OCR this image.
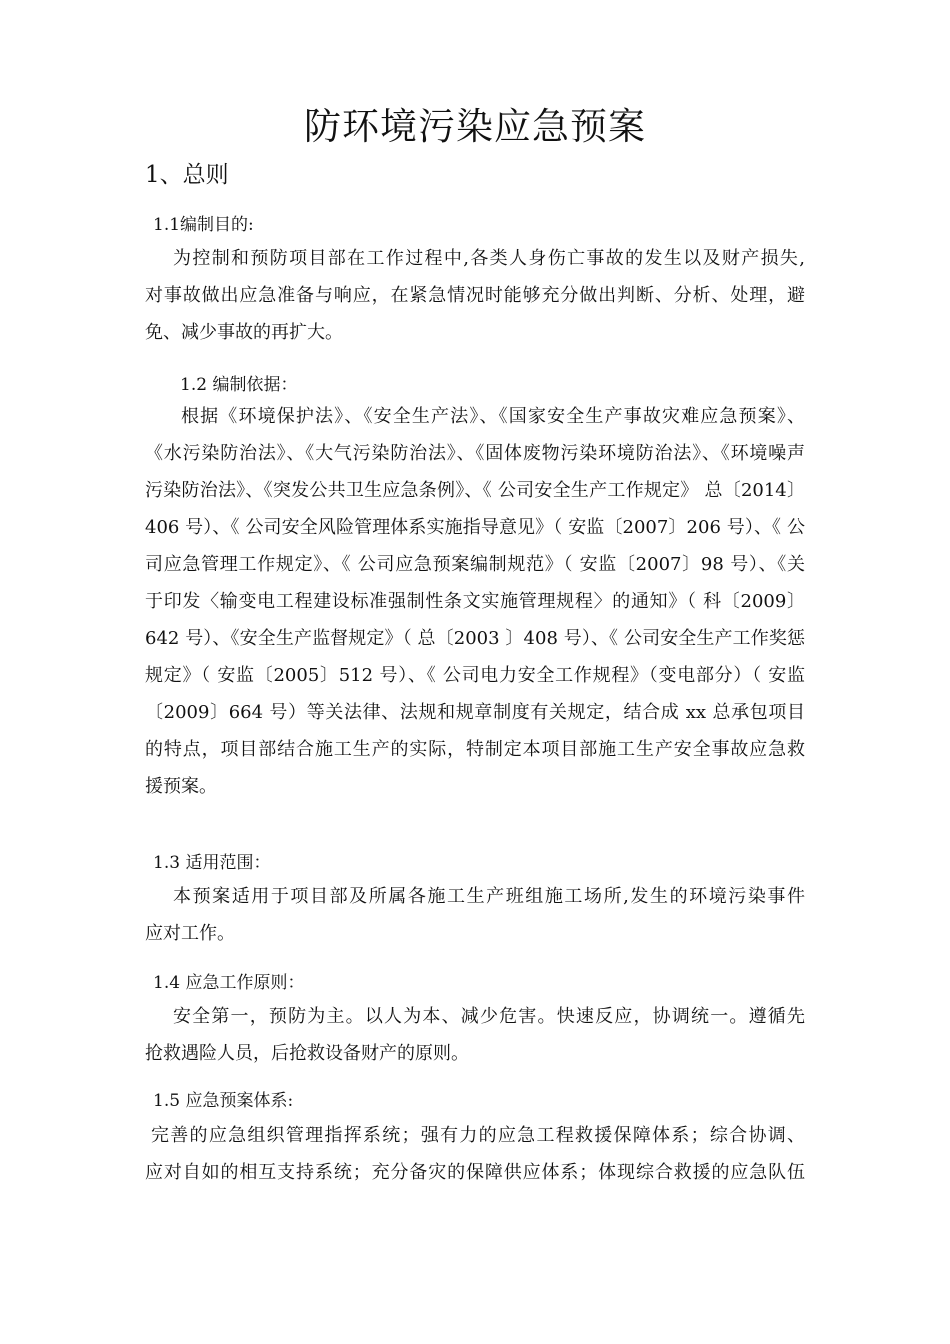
防环境污染应急预案
1、总则
1.1编制目的:
为控制和预防项目部在工作过程中,各类人身伤亡事故的发生以及财产损失,
对事故做出应急准备与响应，在紧急情况时能够充分做出判断、分析、处理，避
免、减少事故的再扩大。
1.2 编制依据：
根据《环境保护法》、《安全生产法》、《国家安全生产事故灾难应急预案》、
《水污染防治法》、《大气污染防治法》、《固体废物污染环境防治法》、《环境噪声
污染防治法》、《突发公共卫生应急条例》、《 公司安全生产工作规定》 总〔2014〕
406 号）、《 公司安全风险管理体系实施指导意见》（ 安监〔2007〕206 号）、《 公
司应急管理工作规定》、《 公司应急预案编制规范》（ 安监〔2007〕98 号）、《关
于印发〈输变电工程建设标准强制性条文实施管理规程〉的通知》（ 科〔2009〕
642 号）、《安全生产监督规定》（ 总〔2003 〕408 号）、《 公司安全生产工作奖惩
规定》（ 安监〔2005〕512 号）、《 公司电力安全工作规程》（变电部分）（ 安监
〔2009〕664 号）等关法律、法规和规章制度有关规定，结合成 xx 总承包项目
的特点，项目部结合施工生产的实际，特制定本项目部施工生产安全事故应急救
援预案。
1.3 适用范围：
本预案适用于项目部及所属各施工生产班组施工场所,发生的环境污染事件
应对工作。
1.4 应急工作原则：
安全第一，预防为主。以人为本、减少危害。快速反应，协调统一。遵循先
抢救遇险人员，后抢救设备财产的原则。
1.5 应急预案体系:
完善的应急组织管理指挥系统；强有力的应急工程救援保障体系；综合协调、
应对自如的相互支持系统；充分备灾的保障供应体系；体现综合救援的应急队伍
